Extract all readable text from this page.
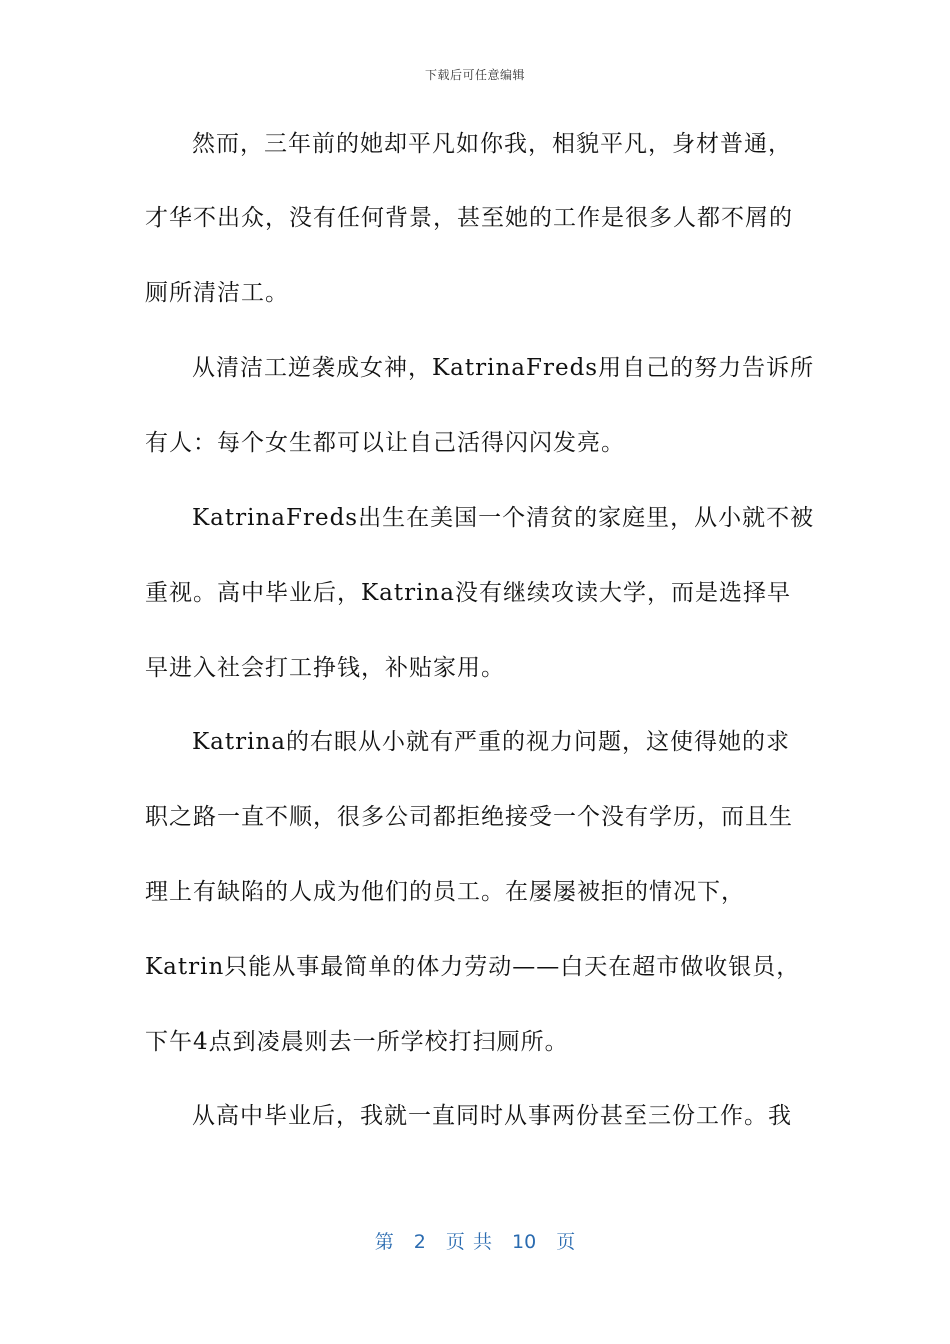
下载后可任意编辑
然而，三年前的她却平凡如你我，相貌平凡，身材普通，
才华不出众，没有任何背景，甚至她的工作是很多人都不屑的
厕所清洁工。
从清洁工逆袭成女神，KatrinaFreds用自己的努力告诉所
有人：每个女生都可以让自己活得闪闪发亮。
KatrinaFreds出生在美国一个清贫的家庭里，从小就不被
重视。高中毕业后，Katrina没有继续攻读大学，而是选择早
早进入社会打工挣钱，补贴家用。
Katrina的右眼从小就有严重的视力问题，这使得她的求
职之路一直不顺，很多公司都拒绝接受一个没有学历，而且生
理上有缺陷的人成为他们的员工。在屡屡被拒的情况下，
Katrin只能从事最简单的体力劳动——白天在超市做收银员，
下午4点到凌晨则去一所学校打扫厕所。
从高中毕业后，我就一直同时从事两份甚至三份工作。我
第 2 页 共 10 页
